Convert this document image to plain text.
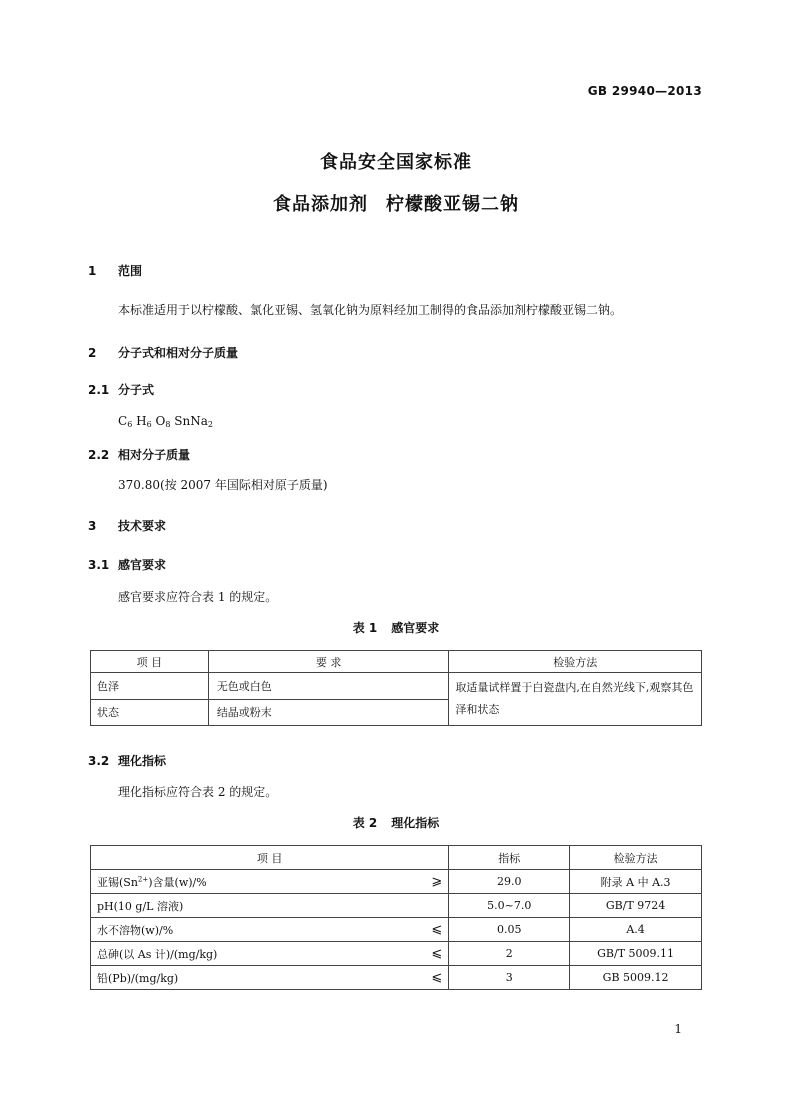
GB 29940—2013
食品安全国家标准
食品添加剂 柠檬酸亚锡二钠
1 范围
本标准适用于以柠檬酸、氯化亚锡、氢氧化钠为原料经加工制得的食品添加剂柠檬酸亚锡二钠。
2 分子式和相对分子质量
2.1 分子式
$C_6$ $H_6$ $O_8$ SnNa$_2$
2.2 相对分子质量
370.80(按 2007 年国际相对原子质量)
3 技术要求
3.1 感官要求
感官要求应符合表 1 的规定。
表 1 感官要求
项 目	要 求	检验方法
色泽	无色或白色	取适量试样置于白瓷盘内,在自然光线下,观察其色泽和状态
状态	结晶或粉末	
3.2 理化指标
理化指标应符合表 2 的规定。
表 2 理化指标
项 目	指标	检验方法
亚锡$(Sn^{2+})$含量(w)/% ⩾	29.0	附录 A 中 A.3
pH(10 g/L 溶液)	5.0~7.0	GB/T 9724
水不溶物(w)/% ⩽	0.05	A.4
总砷(以 As 计)/(mg/kg) ⩽	2	GB/T 5009.11
铅(Pb)/(mg/kg) ⩽	3	GB 5009.12
1
